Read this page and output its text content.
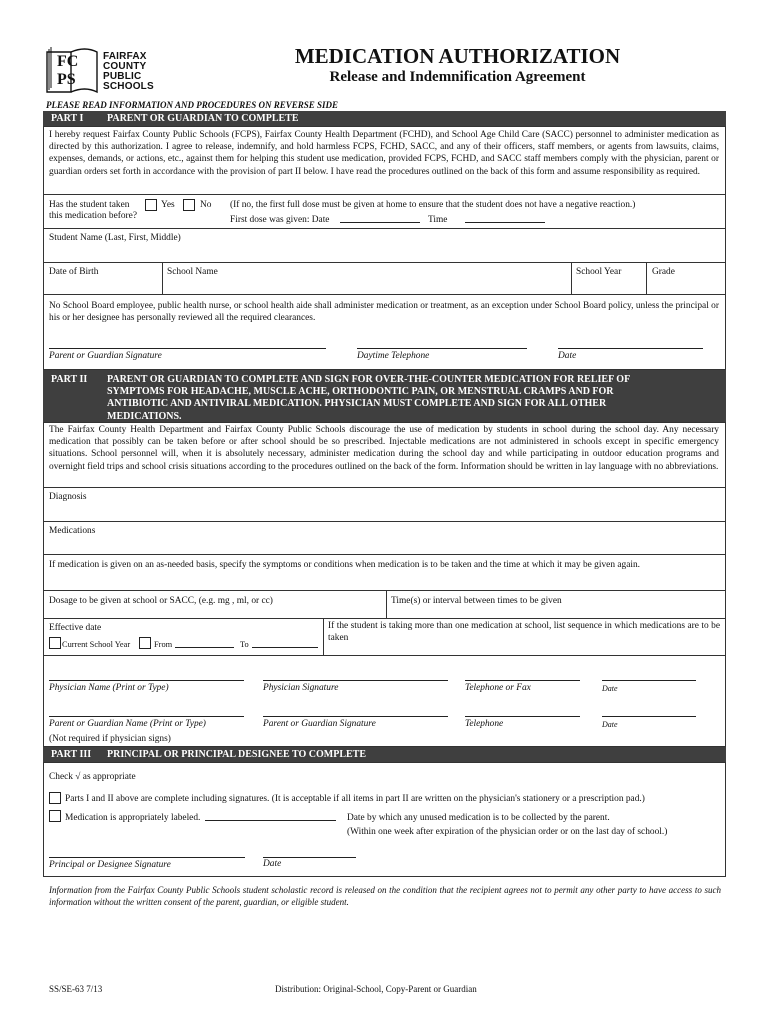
FC
PS
FAIRFAX
COUNTY
PUBLIC
SCHOOLS
MEDICATION AUTHORIZATION
Release and Indemnification Agreement
PLEASE READ INFORMATION AND PROCEDURES ON REVERSE SIDE
PART I PARENT OR GUARDIAN TO COMPLETE
I hereby request Fairfax County Public Schools (FCPS), Fairfax County Health Department (FCHD), and School Age Child Care (SACC) personnel to administer medication as directed by this authorization. I agree to release, indemnify, and hold harmless FCPS, FCHD, SACC, and any of their officers, staff members, or agents from lawsuits, claims, expenses, demands, or actions, etc., against them for helping this student use medication, provided FCPS, FCHD, and SACC staff members comply with the physician, parent or guardian orders set forth in accordance with the provision of part II below. I have read the procedures outlined on the back of this form and assume responsibility as required.
Has the student taken
this medication before?
Yes	No (If no, the first full dose must be given at home to ensure that the student does not have a negative reaction.)
First dose was given: Date	Time
Student Name (Last, First, Middle)
Date of Birth	School Name	School Year	Grade
No School Board employee, public health nurse, or school health aide shall administer medication or treatment, as an exception under School Board policy, unless the principal or his or her designee has personally reviewed all the required clearances.
Parent or Guardian Signature	Daytime Telephone	Date
PART II PARENT OR GUARDIAN TO COMPLETE AND SIGN FOR OVER-THE-COUNTER MEDICATION FOR RELIEF OF
SYMPTOMS FOR HEADACHE, MUSCLE ACHE, ORTHODONTIC PAIN, OR MENSTRUAL CRAMPS AND FOR
ANTIBIOTIC AND ANTIVIRAL MEDICATION. PHYSICIAN MUST COMPLETE AND SIGN FOR ALL OTHER
MEDICATIONS.
The Fairfax County Health Department and Fairfax County Public Schools discourage the use of medication by students in school during the school day. Any necessary medication that possibly can be taken before or after school should be so prescribed. Injectable medications are not administered in schools except in specific emergency situations. School personnel will, when it is absolutely necessary, administer medication during the school day and while participating in outdoor education programs and overnight field trips and school crisis situations according to the procedures outlined on the back of the form. Information should be written in lay language with no abbreviations.
Diagnosis
Medications
If medication is given on an as-needed basis, specify the symptoms or conditions when medication is to be taken and the time at which it may be given again.
Dosage to be given at school or SACC, (e.g. mg , ml, or cc)	Time(s) or interval between times to be given
Effective date
Current School Year	From	To
If the student is taking more than one medication at school, list sequence in which medications are to be taken
Physician Name (Print or Type)	Physician Signature	Telephone or Fax	Date
Parent or Guardian Name (Print or Type)	Parent or Guardian Signature	Telephone	Date
(Not required if physician signs)
PART III PRINCIPAL OR PRINCIPAL DESIGNEE TO COMPLETE
Check √ as appropriate
Parts I and II above are complete including signatures. (It is acceptable if all items in part II are written on the physician's stationery or a prescription pad.)
Medication is appropriately labeled.	Date by which any unused medication is to be collected by the parent.
(Within one week after expiration of the physician order or on the last day of school.)
Principal or Designee Signature	Date
Information from the Fairfax County Public Schools student scholastic record is released on the condition that the recipient agrees not to permit any other party to have access to such information without the written consent of the parent, guardian, or eligible student.
SS/SE-63 7/13	Distribution: Original-School, Copy-Parent or Guardian
